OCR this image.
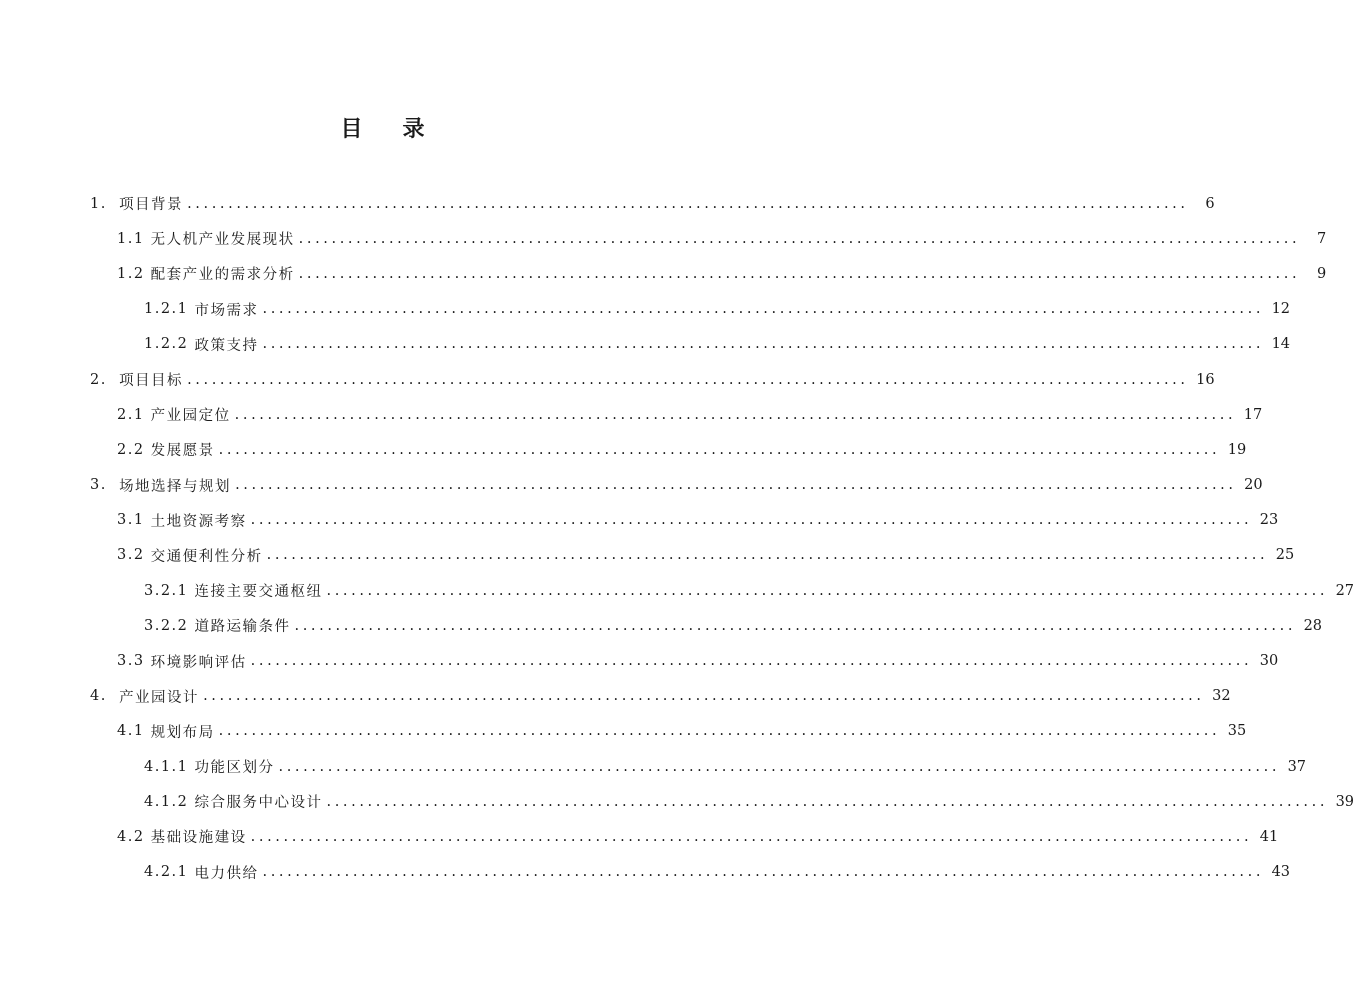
目 录
1. 项目背景 ..........................................................................................................................	6
1.1 无人机产业发展现状 ..........................................................................................................................	7
1.2 配套产业的需求分析 ..........................................................................................................................	9
1.2.1 市场需求 .......................................................................................................................... 12
1.2.2 政策支持 .......................................................................................................................... 14
2. 项目目标 .......................................................................................................................... 16
2.1 产业园定位 .......................................................................................................................... 17
2.2 发展愿景 .......................................................................................................................... 19
3. 场地选择与规划 .......................................................................................................................... 20
3.1 土地资源考察 .......................................................................................................................... 23
3.2 交通便利性分析 .......................................................................................................................... 25
3.2.1 连接主要交通枢纽 .......................................................................................................................... 27
3.2.2 道路运输条件 .......................................................................................................................... 28
3.3 环境影响评估 .......................................................................................................................... 30
4. 产业园设计 .......................................................................................................................... 32
4.1 规划布局 .......................................................................................................................... 35
4.1.1 功能区划分 .......................................................................................................................... 37
4.1.2 综合服务中心设计 .......................................................................................................................... 39
4.2 基础设施建设 .......................................................................................................................... 41
4.2.1 电力供给 .......................................................................................................................... 43
